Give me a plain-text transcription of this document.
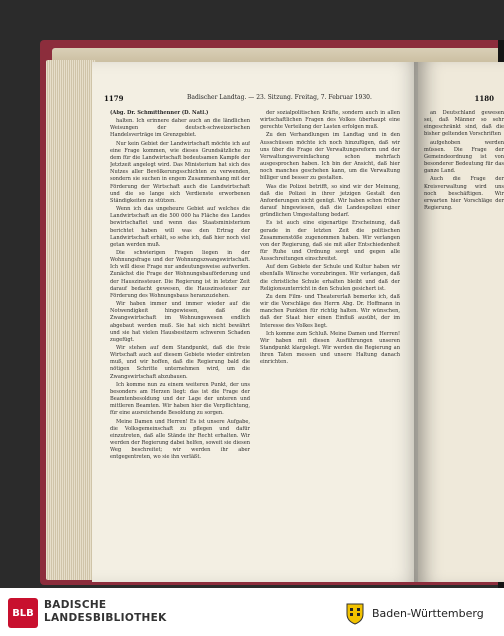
1179	Badischer Landtag. — 23. Sitzung. Freitag, 7. Februar 1930.

(Abg. Dr. Schmitthenner (D. Natl.)

halten. Ich erinnere daher auch an die ländlichen Weisungen der deutsch-schweizerischen Handelsverträge im Grenzgebiet.

Nur kein Gebiet der Landwirtschaft möchte ich auf eine Frage kommen, wie dieses Grundsätzliche zu dem für die Landwirtschaft bedeutsamen Kampfe der Jetztzeit angelegt wird. Das Ministerium hat sich des Nutzes aller Bevölkerungsschichten zu verwenden, sondern sie suchen in engem Zusammenhang mit der Förderung der Wirtschaft auch die Landwirtschaft und die so lange sich Verdienste erworbenen Ständigkeiten zu stützen.

Wenn ich das ungeheure Gebiet auf welches die Landwirtschaft an die 500 000 ha Fläche des Landes bewirtschaftet und wenn das Staatsministerium berichtet haben will was den Ertrag der Landwirtschaft erhält, so sehe ich, daß hier noch viel getan werden muß.

Die schwierigen Fragen liegen in der Wohnungsfrage und der Wohnungszwangswirtschaft. Ich will diese Frage nur andeutungsweise aufwerfen. Zunächst die Frage der Wohnungsbauförderung und der Hauszinssteuer. Die Regierung ist in letzter Zeit darauf bedacht gewesen, die Hauszinssteuer zur Förderung des Wohnungsbaus heranzuziehen.

Wir haben immer und immer wieder auf die Notwendigkeit hingewiesen, daß die Zwangswirtschaft im Wohnungswesen endlich abgebaut werden muß. Sie hat sich nicht bewährt und sie hat vielen Hausbesitzern schweren Schaden zugefügt.

Wir stehen auf dem Standpunkt, daß die freie Wirtschaft auch auf diesem Gebiete wieder eintreten muß, und wir hoffen, daß die Regierung bald die nötigen Schritte unternehmen wird, um die Zwangswirtschaft abzubauen.

Ich komme nun zu einem weiteren Punkt, der uns besonders am Herzen liegt: das ist die Frage der Beamtenbesoldung und der Lage der unteren und mittleren Beamten. Wir haben hier die Verpflichtung, für eine ausreichende Besoldung zu sorgen.

Meine Damen und Herren! Es ist unsere Aufgabe, die Volksgemeinschaft zu pflegen und dafür einzutreten, daß alle Stände ihr Recht erhalten. Wir werden der Regierung dabei helfen, soweit sie diesen Weg beschreitet; wir werden ihr aber entgegentreten, wo sie ihn verläßt.

der sozialpolitischen Kräfte, sondern auch in allen wirtschaftlichen Fragen des Volkes überhaupt eine gerechte Verteilung der Lasten erfolgen muß.

Zu den Verhandlungen im Landtag und in den Ausschüssen möchte ich noch hinzufügen, daß wir uns über die Frage der Verwaltungsreform und der Verwaltungsvereinfachung schon mehrfach ausgesprochen haben. Ich bin der Ansicht, daß hier noch manches geschehen kann, um die Verwaltung billiger und besser zu gestalten.

Was die Polizei betrifft, so sind wir der Meinung, daß die Polizei in ihrer jetzigen Gestalt den Anforderungen nicht genügt. Wir haben schon früher darauf hingewiesen, daß die Landespolizei einer gründlichen Umgestaltung bedarf.

Es ist auch eine eigenartige Erscheinung, daß gerade in der letzten Zeit die politischen Zusammenstöße zugenommen haben. Wir verlangen von der Regierung, daß sie mit aller Entschiedenheit für Ruhe und Ordnung sorgt und gegen alle Ausschreitungen einschreitet.

Auf dem Gebiete der Schule und Kultur haben wir ebenfalls Wünsche vorzubringen. Wir verlangen, daß die christliche Schule erhalten bleibt und daß der Religionsunterricht in den Schulen gesichert ist.

Zu dem Film- und Theatererlaß bemerke ich, daß wir die Vorschläge des Herrn Abg. Dr. Hoffmann in manchen Punkten für richtig halten. Wir wünschen, daß der Staat hier einen Einfluß ausübt, der im Interesse des Volkes liegt.

Ich komme zum Schluß. Meine Damen und Herren! Wir haben mit diesen Ausführungen unseren Standpunkt klargelegt. Wir werden die Regierung an ihren Taten messen und unsere Haltung danach einrichten.

1180

an Deutschland gewesen sei, daß Männer so sehr eingeschränkt sind, daß die bisher geltenden Vorschriften

aufgehoben werden müssen. Die Frage der Gemeindeordnung ist von besonderer Bedeutung für das ganze Land.

Auch die Frage der Kreisverwaltung wird uns noch beschäftigen. Wir erwarten hier Vorschläge der Regierung.

BLB
BADISCHE
LANDESBIBLIOTHEK	Baden-Württemberg
